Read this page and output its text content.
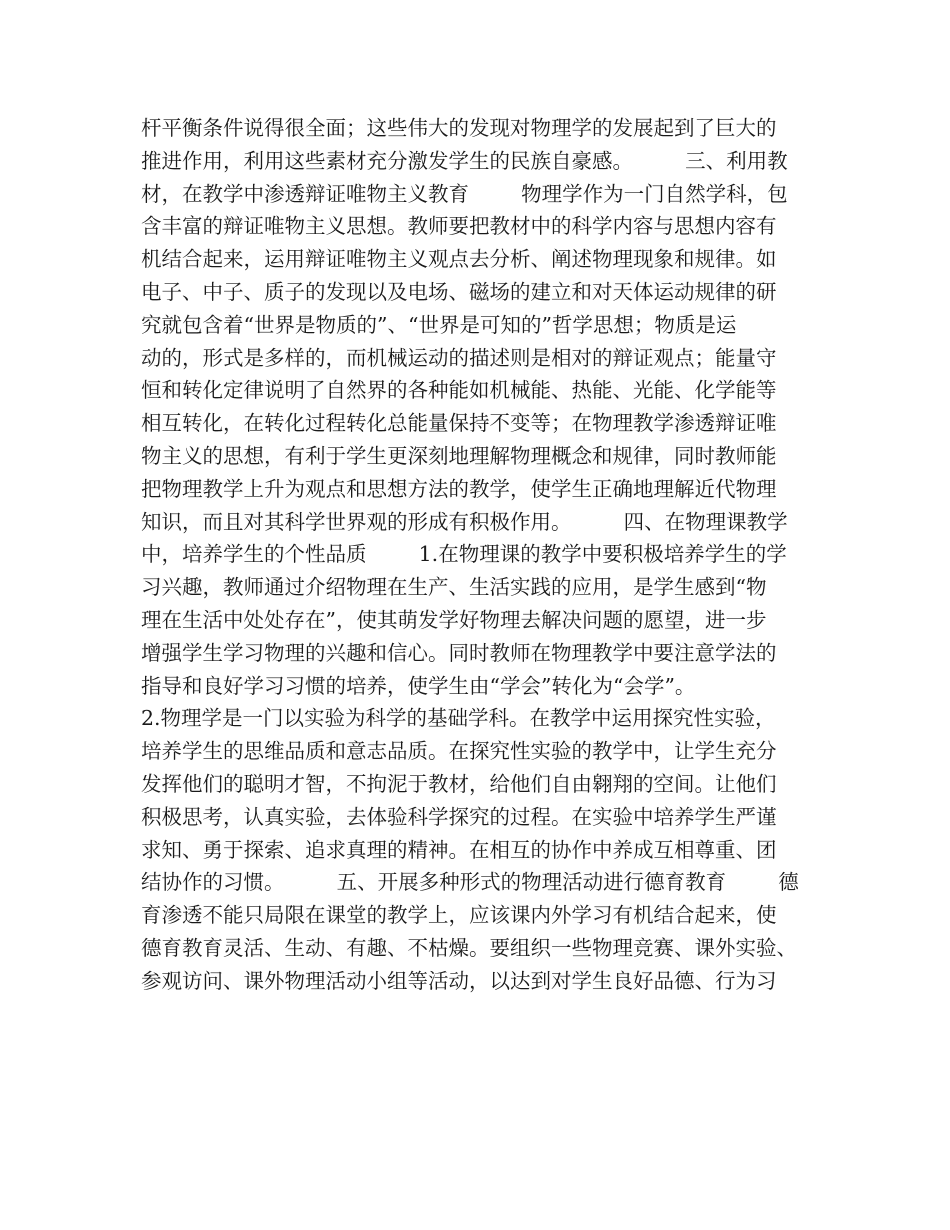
杆平衡条件说得很全面；这些伟大的发现对物理学的发展起到了巨大的
推进作用，利用这些素材充分激发学生的民族自豪感。        三、利用教
材，在教学中渗透辩证唯物主义教育        物理学作为一门自然学科，包
含丰富的辩证唯物主义思想。教师要把教材中的科学内容与思想内容有
机结合起来，运用辩证唯物主义观点去分析、阐述物理现象和规律。如
电子、中子、质子的发现以及电场、磁场的建立和对天体运动规律的研
究就包含着“世界是物质的”、“世界是可知的”哲学思想；物质是运
动的，形式是多样的，而机械运动的描述则是相对的辩证观点；能量守
恒和转化定律说明了自然界的各种能如机械能、热能、光能、化学能等
相互转化，在转化过程转化总能量保持不变等；在物理教学渗透辩证唯
物主义的思想，有利于学生更深刻地理解物理概念和规律，同时教师能
把物理教学上升为观点和思想方法的教学，使学生正确地理解近代物理
知识，而且对其科学世界观的形成有积极作用。        四、在物理课教学
中，培养学生的个性品质        1.在物理课的教学中要积极培养学生的学
习兴趣，教师通过介绍物理在生产、生活实践的应用，是学生感到“物
理在生活中处处存在”，使其萌发学好物理去解决问题的愿望，进一步
增强学生学习物理的兴趣和信心。同时教师在物理教学中要注意学法的
指导和良好学习习惯的培养，使学生由“学会”转化为“会学”。
2.物理学是一门以实验为科学的基础学科。在教学中运用探究性实验，
培养学生的思维品质和意志品质。在探究性实验的教学中，让学生充分
发挥他们的聪明才智，不拘泥于教材，给他们自由翱翔的空间。让他们
积极思考，认真实验，去体验科学探究的过程。在实验中培养学生严谨
求知、勇于探索、追求真理的精神。在相互的协作中养成互相尊重、团
结协作的习惯。        五、开展多种形式的物理活动进行德育教育        德
育渗透不能只局限在课堂的教学上，应该课内外学习有机结合起来，使
德育教育灵活、生动、有趣、不枯燥。要组织一些物理竞赛、课外实验、
参观访问、课外物理活动小组等活动，以达到对学生良好品德、行为习
